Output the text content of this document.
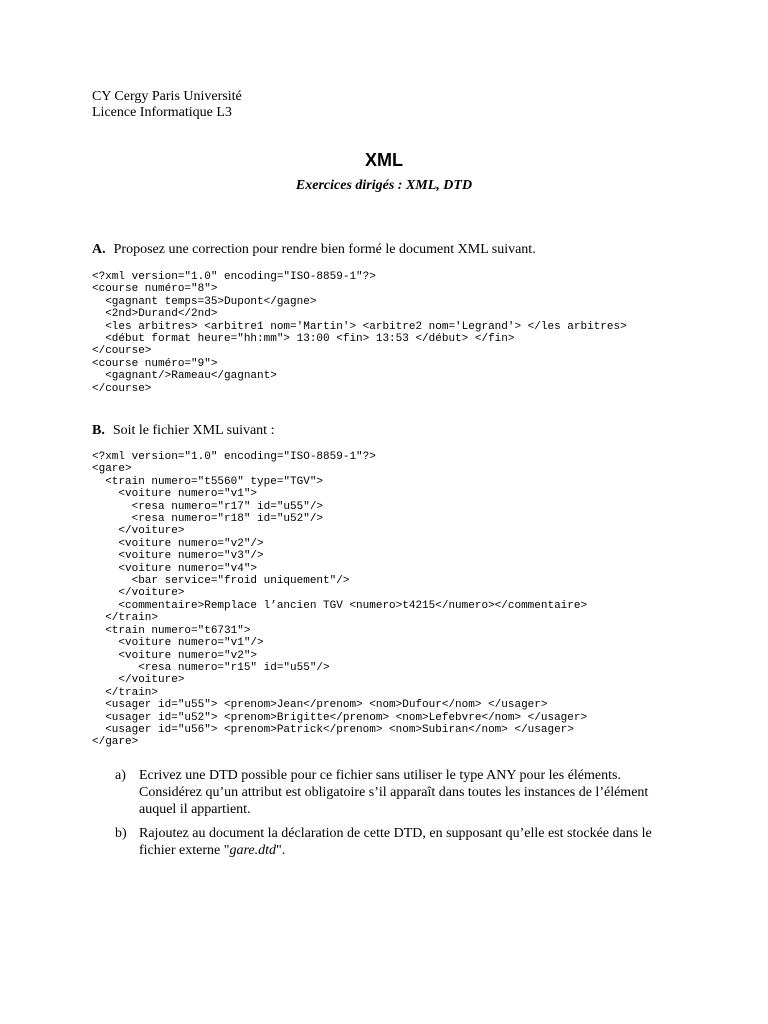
CY Cergy Paris Université
Licence Informatique L3
XML
Exercices dirigés : XML, DTD
A. Proposez une correction pour rendre bien formé le document XML suivant.
<?xml version="1.0" encoding="ISO-8859-1"?>
<course numéro="8">
<gagnant temps=35>Dupont</gagne>
<2nd>Durand</2nd>
<les arbitres> <arbitre1 nom='Martin'> <arbitre2 nom='Legrand'> </les arbitres>
<début format heure="hh:mm"> 13:00 <fin> 13:53 </début> </fin>
</course>
<course numéro="9">
<gagnant/>Rameau</gagnant>
</course>
B. Soit le fichier XML suivant :
<?xml version="1.0" encoding="ISO-8859-1"?>
<gare>
<train numero="t5560" type="TGV">
<voiture numero="v1">
<resa numero="r17" id="u55"/>
<resa numero="r18" id="u52"/>
</voiture>
<voiture numero="v2"/>
<voiture numero="v3"/>
<voiture numero="v4">
<bar service="froid uniquement"/>
</voiture>
<commentaire>Remplace l’ancien TGV <numero>t4215</numero></commentaire>
</train>
<train numero="t6731">
<voiture numero="v1"/>
<voiture numero="v2">
<resa numero="r15" id="u55"/>
</voiture>
</train>
<usager id="u55"> <prenom>Jean</prenom> <nom>Dufour</nom> </usager>
<usager id="u52"> <prenom>Brigitte</prenom> <nom>Lefebvre</nom> </usager>
<usager id="u56"> <prenom>Patrick</prenom> <nom>Subiran</nom> </usager>
</gare>
a) Ecrivez une DTD possible pour ce fichier sans utiliser le type ANY pour les éléments. Considérez qu’un attribut est obligatoire s’il apparaît dans toutes les instances de l’élément auquel il appartient.
b) Rajoutez au document la déclaration de cette DTD, en supposant qu’elle est stockée dans le fichier externe "gare.dtd".
